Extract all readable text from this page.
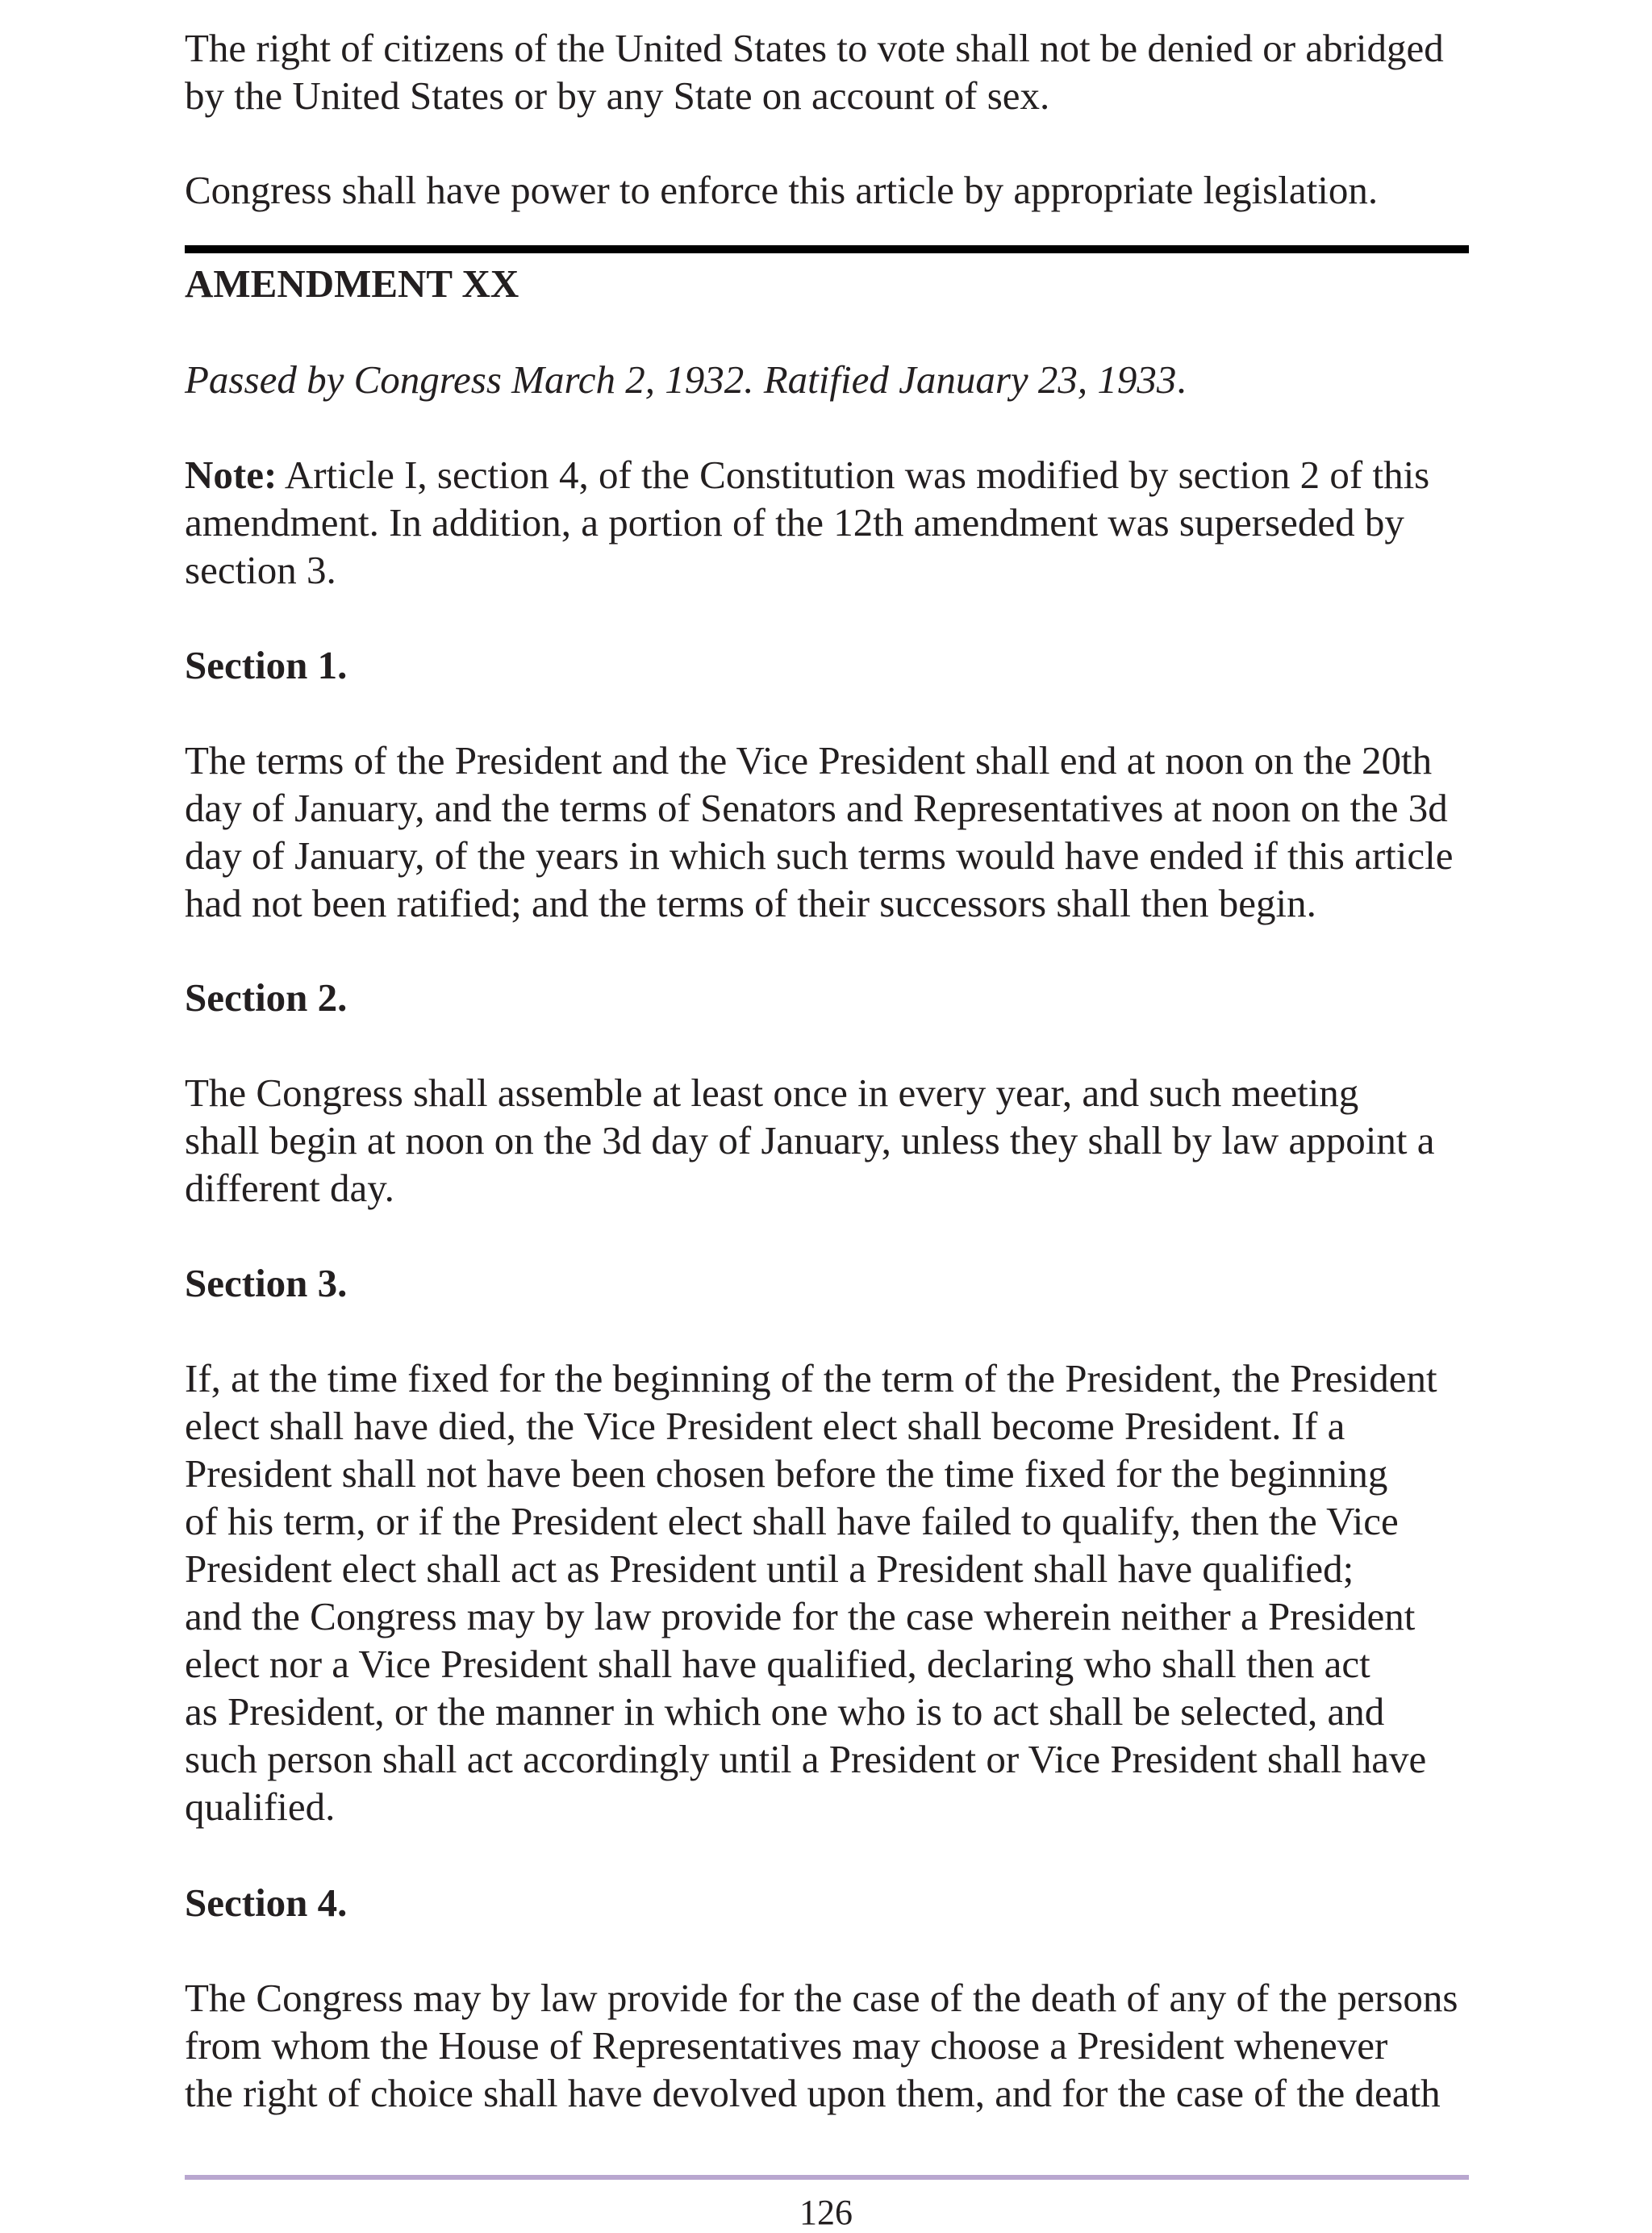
The right of citizens of the United States to vote shall not be denied or abridged
by the United States or by any State on account of sex.

Congress shall have power to enforce this article by appropriate legislation.

AMENDMENT XX

Passed by Congress March 2, 1932. Ratified January 23, 1933.

Note: Article I, section 4, of the Constitution was modified by section 2 of this
amendment. In addition, a portion of the 12th amendment was superseded by
section 3.

Section 1.

The terms of the President and the Vice President shall end at noon on the 20th
day of January, and the terms of Senators and Representatives at noon on the 3d
day of January, of the years in which such terms would have ended if this article
had not been ratified; and the terms of their successors shall then begin.

Section 2.

The Congress shall assemble at least once in every year, and such meeting
shall begin at noon on the 3d day of January, unless they shall by law appoint a
different day.

Section 3.

If, at the time fixed for the beginning of the term of the President, the President
elect shall have died, the Vice President elect shall become President. If a
President shall not have been chosen before the time fixed for the beginning
of his term, or if the President elect shall have failed to qualify, then the Vice
President elect shall act as President until a President shall have qualified;
and the Congress may by law provide for the case wherein neither a President
elect nor a Vice President shall have qualified, declaring who shall then act
as President, or the manner in which one who is to act shall be selected, and
such person shall act accordingly until a President or Vice President shall have
qualified.

Section 4.

The Congress may by law provide for the case of the death of any of the persons
from whom the House of Representatives may choose a President whenever
the right of choice shall have devolved upon them, and for the case of the death

126
